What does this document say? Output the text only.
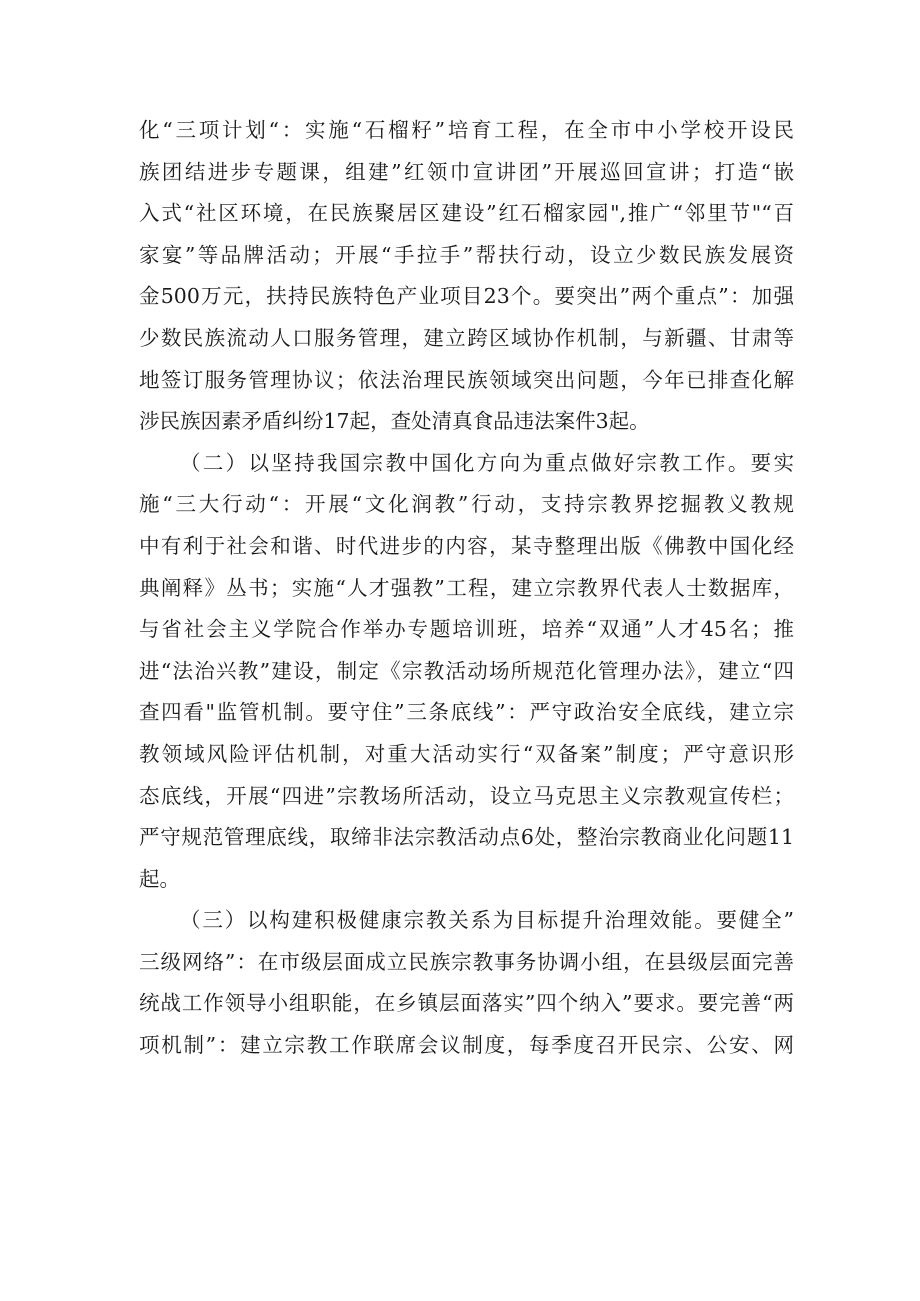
化“三项计划“：实施“石榴籽”培育工程，在全市中小学校开设民
族团结进步专题课，组建”红领巾宣讲团”开展巡回宣讲；打造“嵌
入式“社区环境，在民族聚居区建设”红石榴家园",推广“邻里节"“百
家宴”等品牌活动；开展“手拉手”帮扶行动，设立少数民族发展资
金500万元，扶持民族特色产业项目23个。要突出”两个重点”：加强
少数民族流动人口服务管理，建立跨区域协作机制，与新疆、甘肃等
地签订服务管理协议；依法治理民族领域突出问题，今年已排查化解
涉民族因素矛盾纠纷17起，查处清真食品违法案件3起。
（二）以坚持我国宗教中国化方向为重点做好宗教工作。要实
施“三大行动“：开展“文化润教”行动，支持宗教界挖掘教义教规
中有利于社会和谐、时代进步的内容，某寺整理出版《佛教中国化经
典阐释》丛书；实施“人才强教”工程，建立宗教界代表人士数据库，
与省社会主义学院合作举办专题培训班，培养“双通”人才45名；推
进“法治兴教”建设，制定《宗教活动场所规范化管理办法》，建立“四
查四看"监管机制。要守住”三条底线”：严守政治安全底线，建立宗
教领域风险评估机制，对重大活动实行“双备案”制度；严守意识形
态底线，开展“四进”宗教场所活动，设立马克思主义宗教观宣传栏；
严守规范管理底线，取缔非法宗教活动点6处，整治宗教商业化问题11
起。
（三）以构建积极健康宗教关系为目标提升治理效能。要健全”
三级网络”：在市级层面成立民族宗教事务协调小组，在县级层面完善
统战工作领导小组职能，在乡镇层面落实”四个纳入”要求。要完善“两
项机制”：建立宗教工作联席会议制度，每季度召开民宗、公安、网
